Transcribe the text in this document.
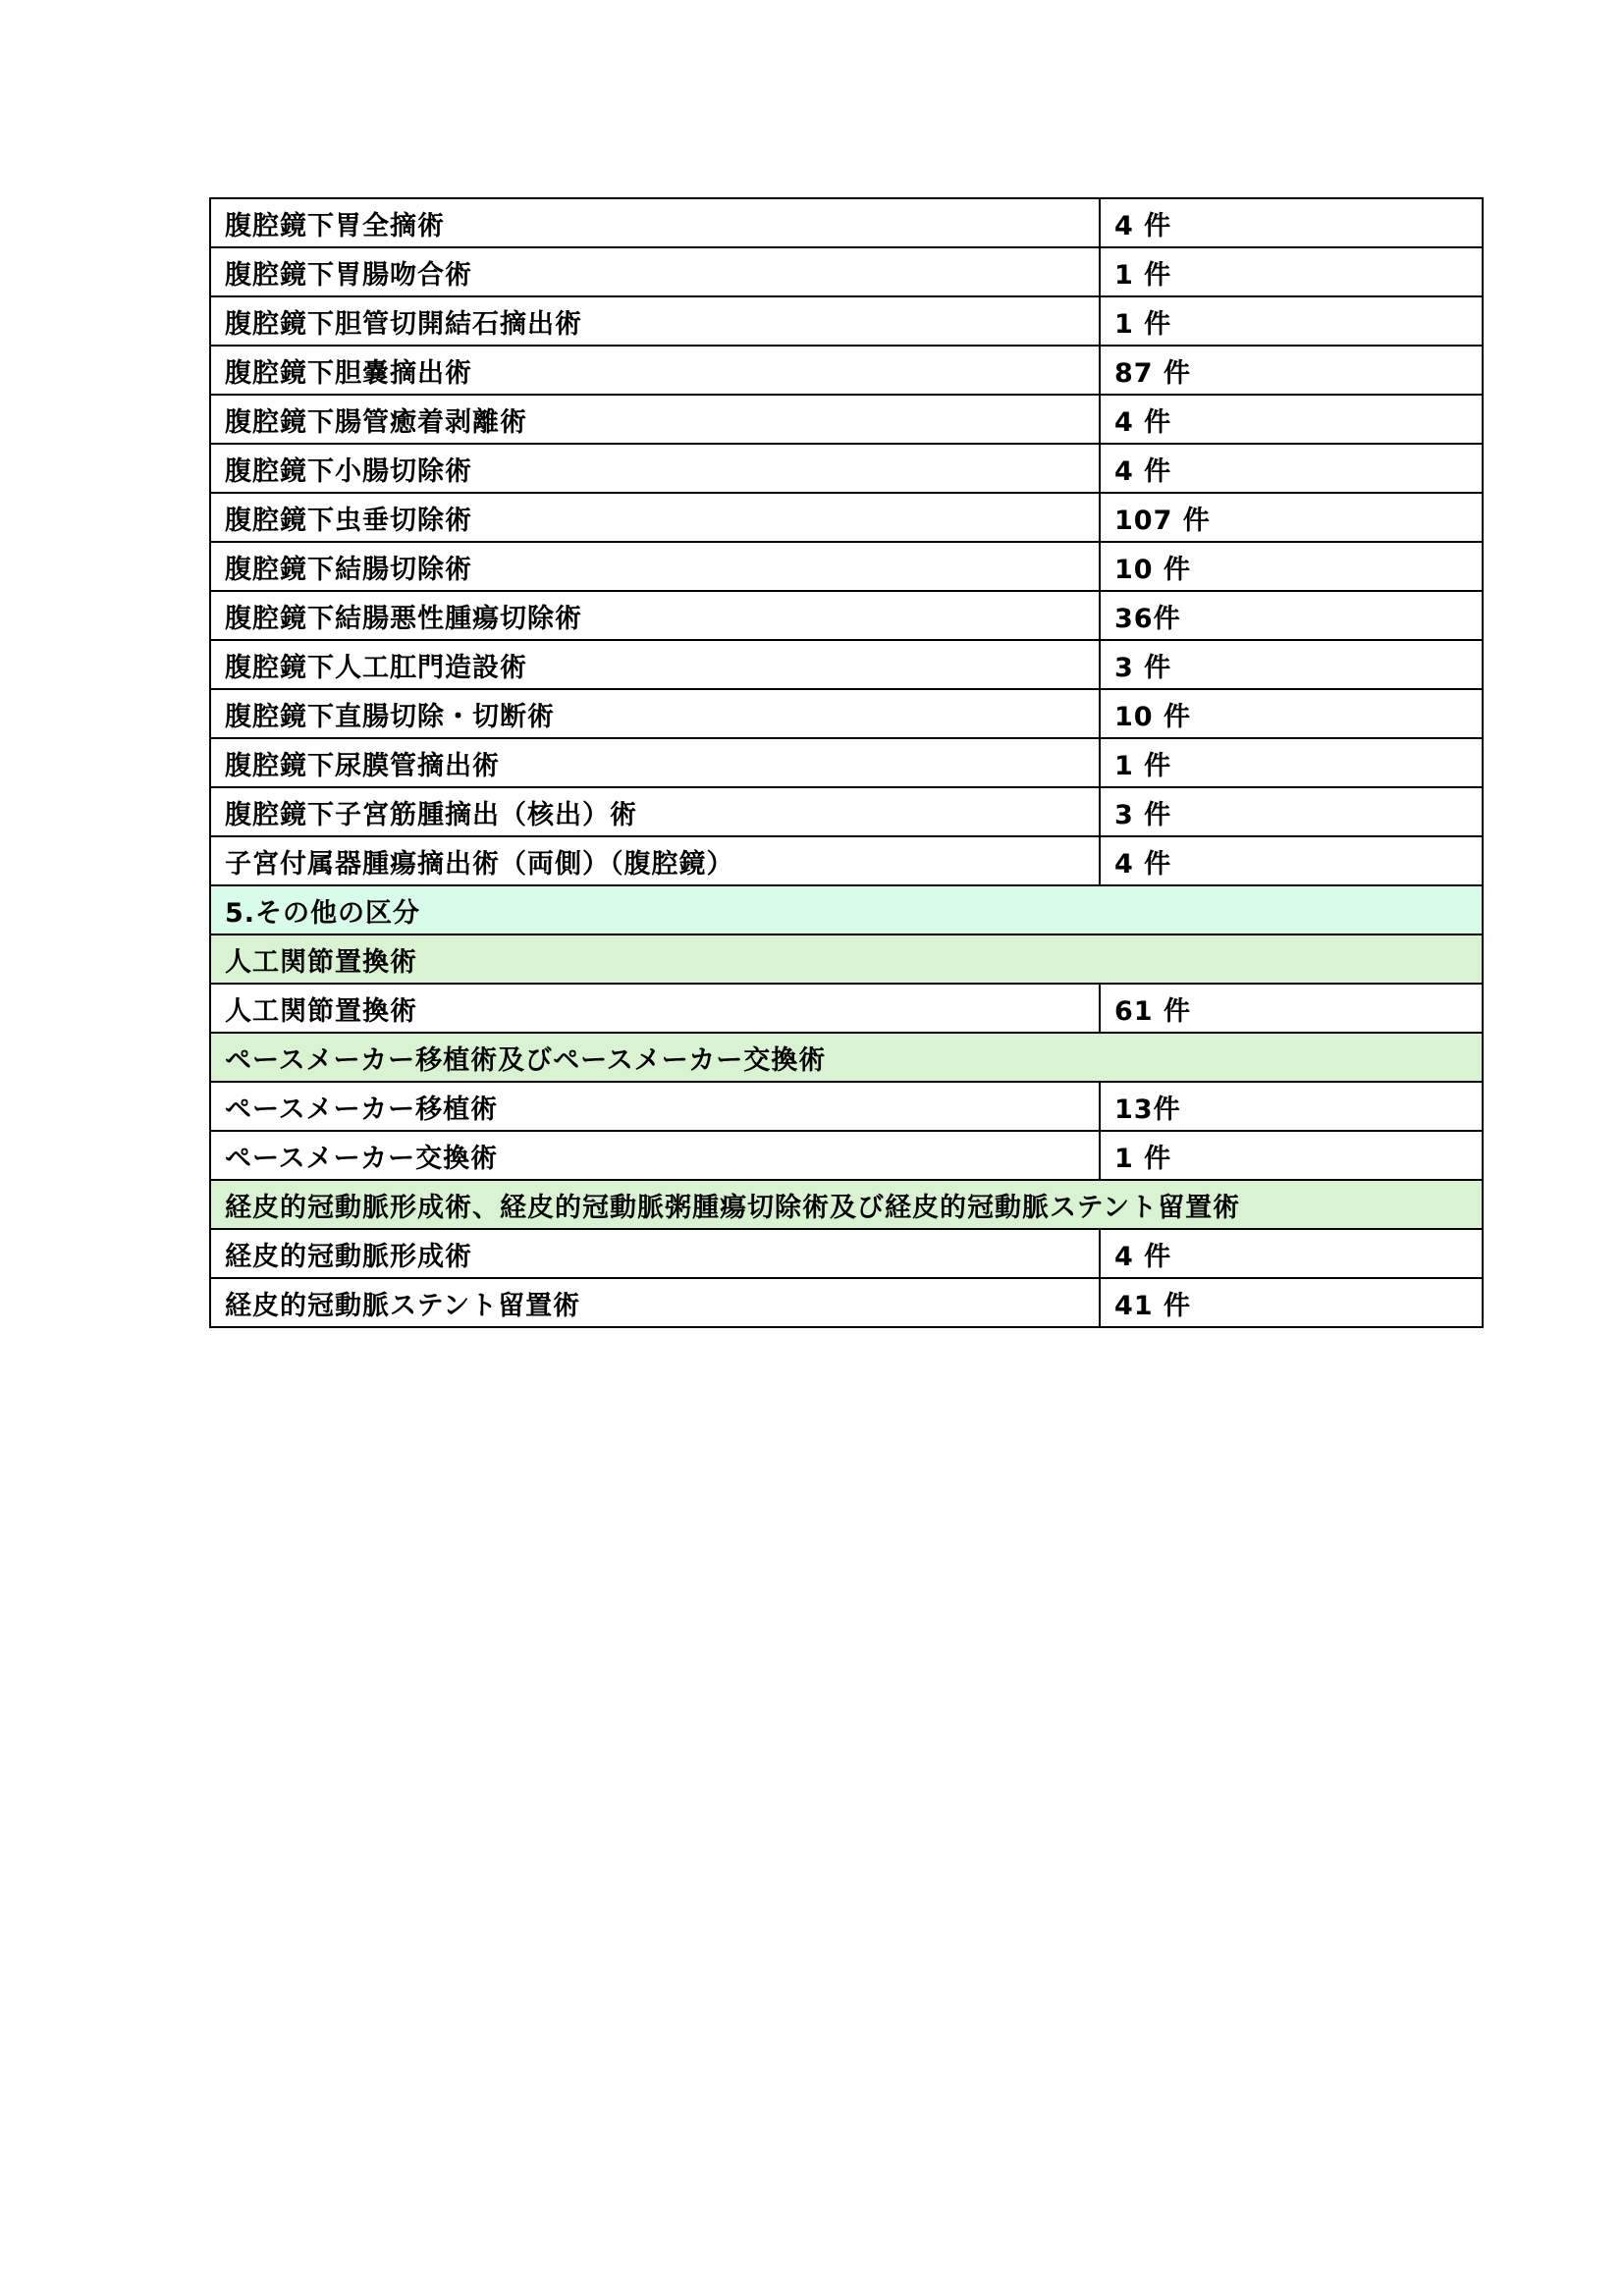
腹腔鏡下胃全摘術	4 件
腹腔鏡下胃腸吻合術	1 件
腹腔鏡下胆管切開結石摘出術	1 件
腹腔鏡下胆嚢摘出術	87 件
腹腔鏡下腸管癒着剥離術	4 件
腹腔鏡下小腸切除術	4 件
腹腔鏡下虫垂切除術	107 件
腹腔鏡下結腸切除術	10 件
腹腔鏡下結腸悪性腫瘍切除術	36件
腹腔鏡下人工肛門造設術	3 件
腹腔鏡下直腸切除・切断術	10 件
腹腔鏡下尿膜管摘出術	1 件
腹腔鏡下子宮筋腫摘出（核出）術	3 件
子宮付属器腫瘍摘出術（両側）（腹腔鏡）	4 件
5.その他の区分	
人工関節置換術	
人工関節置換術	61 件
ペースメーカー移植術及びペースメーカー交換術	
ペースメーカー移植術	13件
ペースメーカー交換術	1 件
経皮的冠動脈形成術、経皮的冠動脈粥腫瘍切除術及び経皮的冠動脈ステント留置術	
経皮的冠動脈形成術	4 件
経皮的冠動脈ステント留置術	41 件
